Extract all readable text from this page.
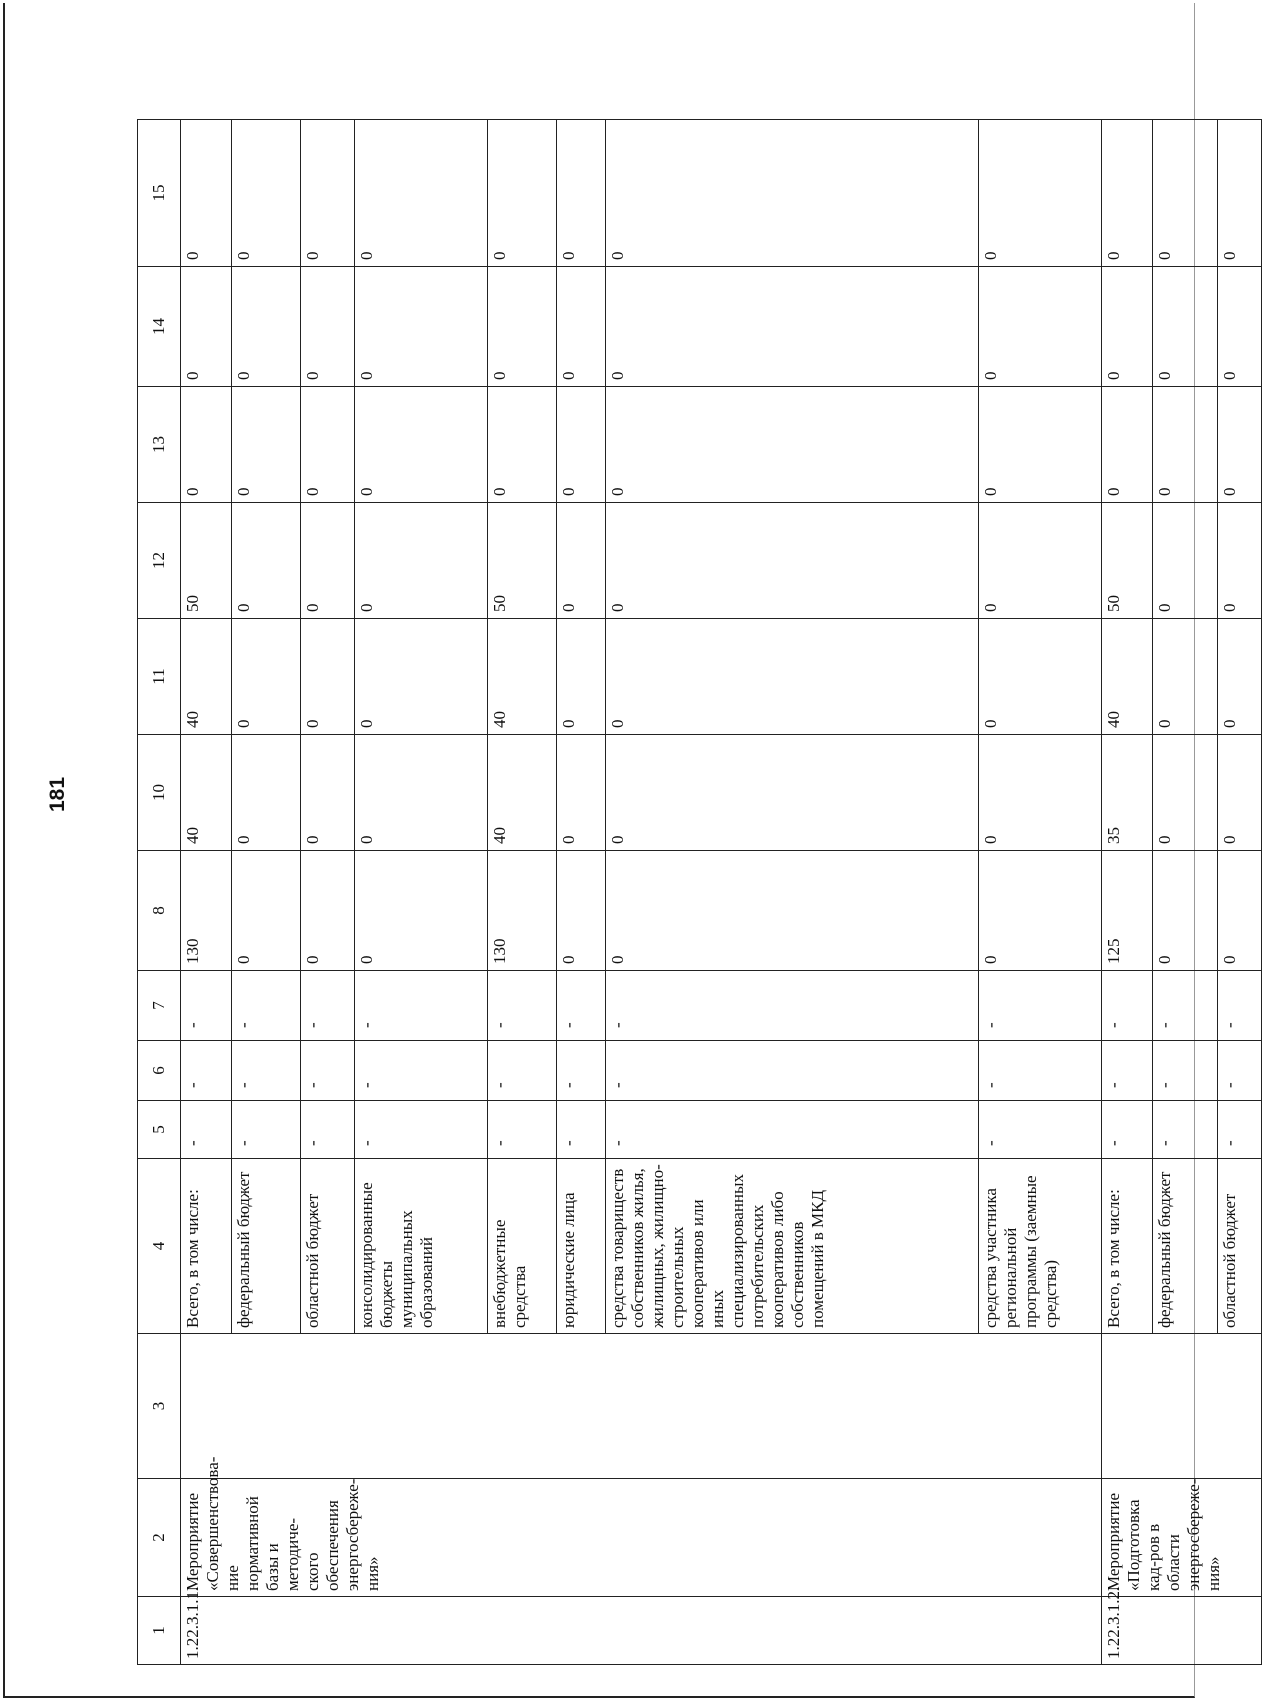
181
1	2	3	4	5	6	7	8	10	11	12	13	14	15
1.22.3.1.1.	Мероприятие «Совершенствова-ние нормативной базы и методиче-ского обеспечения энергосбереже-ния»		Всего, в том числе:	-	-	-	130	40	40	50	0	0	0
			федеральный бюджет	-	-	-	0	0	0	0	0	0	0
			областной бюджет	-	-	-	0	0	0	0	0	0	0
			консолидированные бюджеты муниципальных образований	-	-	-	0	0	0	0	0	0	0
			внебюджетные средства	-	-	-	130	40	40	50	0	0	0
			юридические лица	-	-	-	0	0	0	0	0	0	0
			средства товариществ собственников жилья, жилищных, жилищно-строительных кооперативов или иных специализированных потребительских кооперативов либо собственников помещений в МКД	-	-	-	0	0	0	0	0	0	0
			средства участника региональной программы (заемные средства)	-	-	-	0	0	0	0	0	0	0
1.22.3.1.2.	Мероприятие «Подготовка кад-ров в области энергосбереже-ния»		Всего, в том числе:	-	-	-	125	35	40	50	0	0	0
			федеральный бюджет	-	-	-	0	0	0	0	0	0	0
			областной бюджет	-	-	-	0	0	0	0	0	0	0
